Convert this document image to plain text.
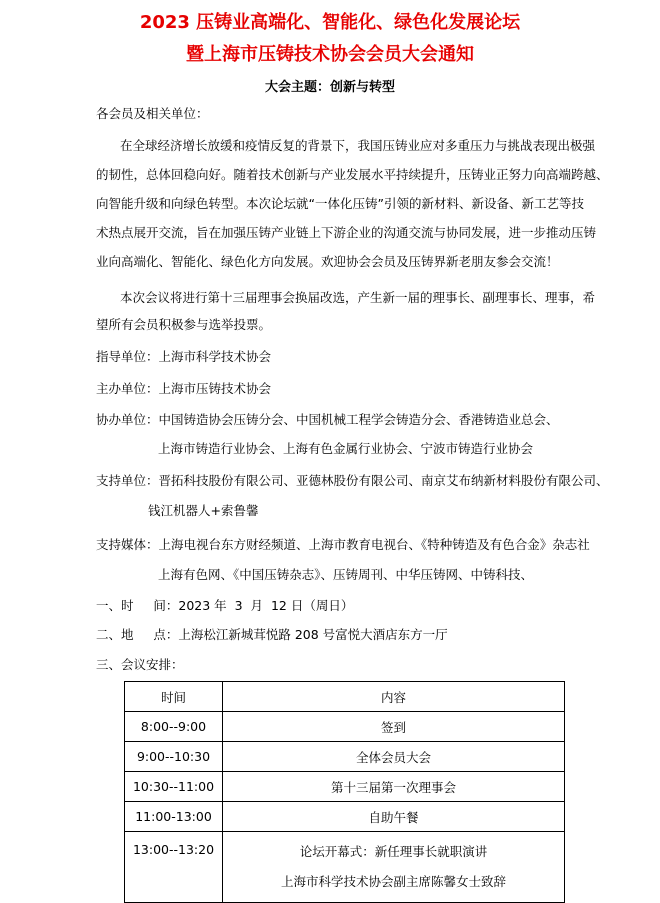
2023 压铸业高端化、智能化、绿色化发展论坛
暨上海市压铸技术协会会员大会通知
大会主题：创新与转型
各会员及相关单位：
在全球经济增长放缓和疫情反复的背景下，我国压铸业应对多重压力与挑战表现出极强
的韧性，总体回稳向好。随着技术创新与产业发展水平持续提升，压铸业正努力向高端跨越、
向智能升级和向绿色转型。本次论坛就“一体化压铸”引领的新材料、新设备、新工艺等技
术热点展开交流，旨在加强压铸产业链上下游企业的沟通交流与协同发展，进一步推动压铸
业向高端化、智能化、绿色化方向发展。欢迎协会会员及压铸界新老朋友参会交流！
本次会议将进行第十三届理事会换届改选，产生新一届的理事长、副理事长、理事，希
望所有会员积极参与选举投票。
指导单位：上海市科学技术协会
主办单位：上海市压铸技术协会
协办单位：中国铸造协会压铸分会、中国机械工程学会铸造分会、香港铸造业总会、
上海市铸造行业协会、上海有色金属行业协会、宁波市铸造行业协会
支持单位：晋拓科技股份有限公司、亚德林股份有限公司、南京艾布纳新材料股份有限公司、
钱江机器人+索鲁馨
支持媒体：上海电视台东方财经频道、上海市教育电视台、《特种铸造及有色合金》杂志社
上海有色网、《中国压铸杂志》、压铸周刊、中华压铸网、中铸科技、
一、时     间：2023 年  3  月  12 日（周日）
二、地     点：上海松江新城茸悦路 208 号富悦大酒店东方一厅
三、会议安排：
时间	内容
8:00--9:00	签到
9:00--10:30	全体会员大会
10:30--11:00	第十三届第一次理事会
11:00-13:00	自助午餐
13:00--13:20	论坛开幕式：新任理事长就职演讲
上海市科学技术协会副主席陈馨女士致辞
